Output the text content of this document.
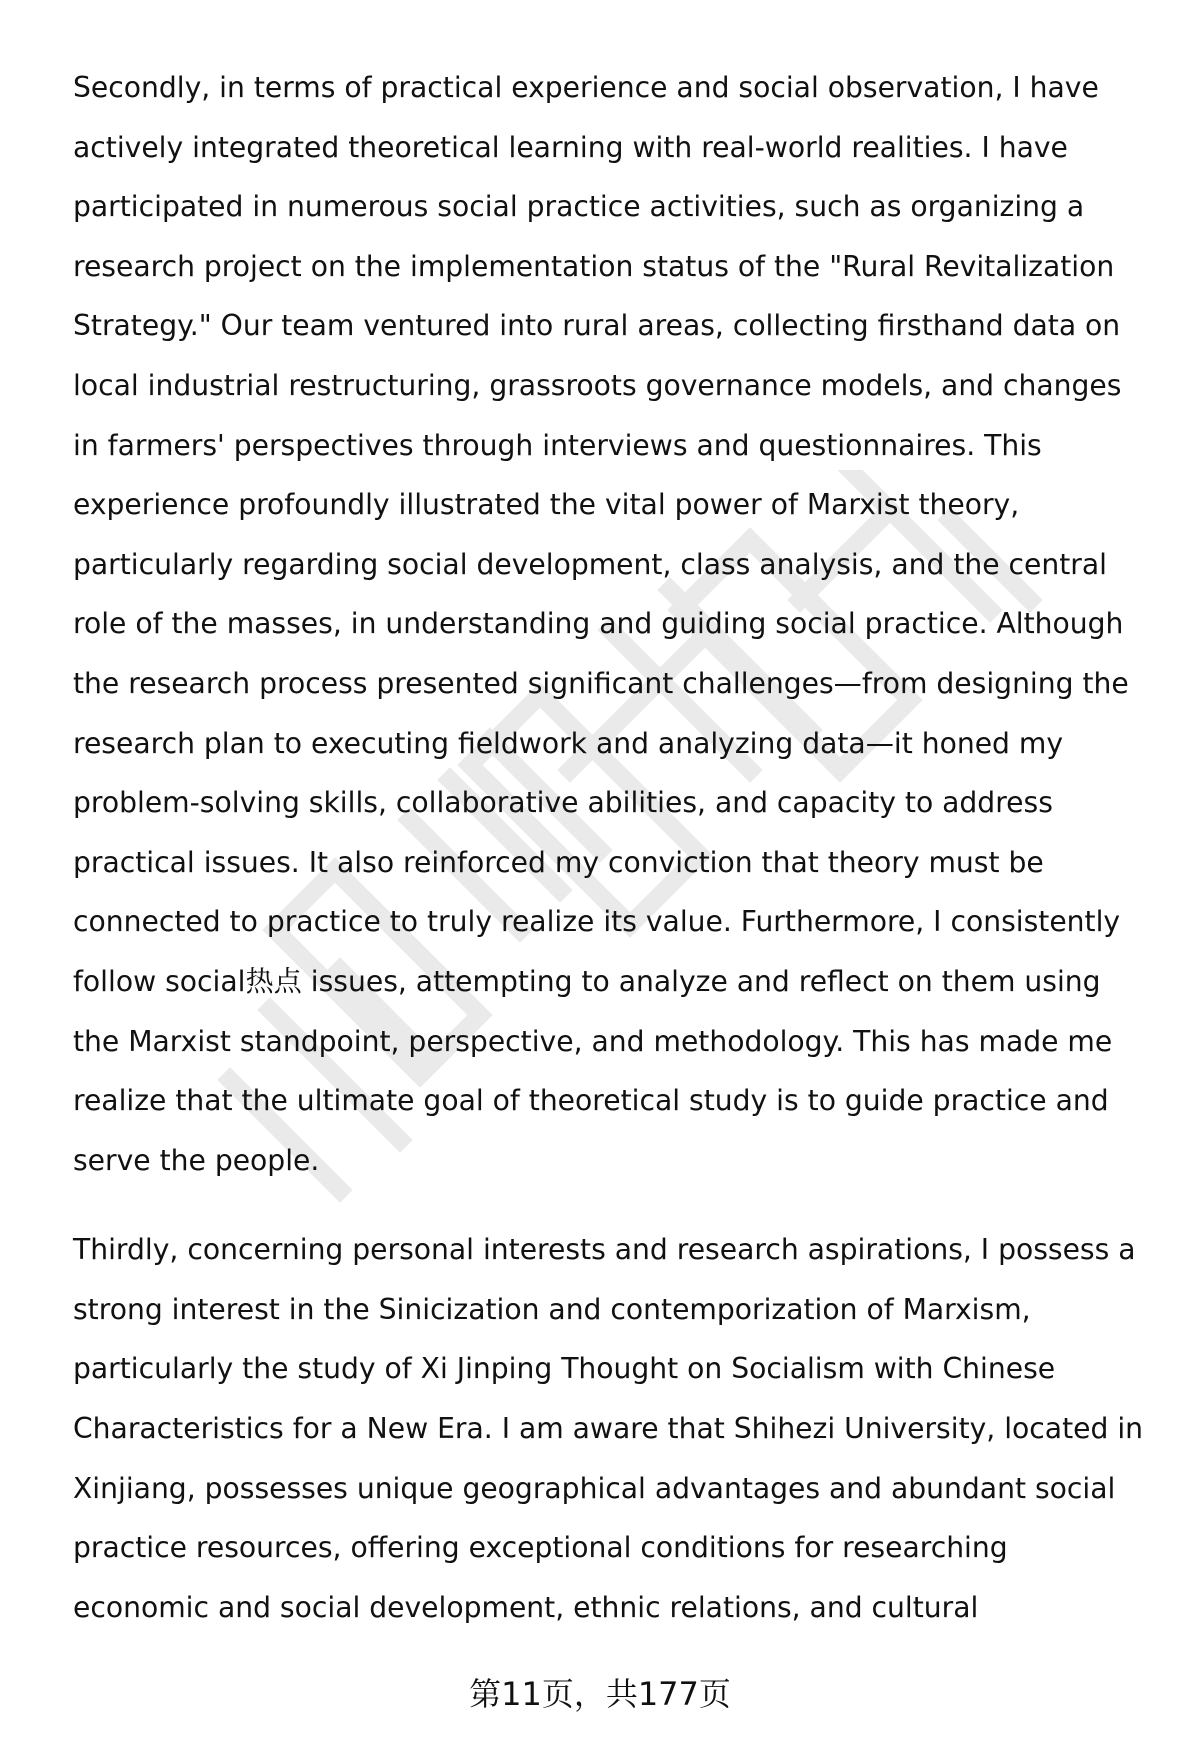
Secondly, in terms of practical experience and social observation, I have actively integrated theoretical learning with real-world realities. I have participated in numerous social practice activities, such as organizing a research project on the implementation status of the "Rural Revitalization Strategy." Our team ventured into rural areas, collecting firsthand data on local industrial restructuring, grassroots governance models, and changes in farmers' perspectives through interviews and questionnaires. This experience profoundly illustrated the vital power of Marxist theory, particularly regarding social development, class analysis, and the central role of the masses, in understanding and guiding social practice. Although the research process presented significant challenges—from designing the research plan to executing fieldwork and analyzing data—it honed my problem-solving skills, collaborative abilities, and capacity to address practical issues. It also reinforced my conviction that theory must be connected to practice to truly realize its value. Furthermore, I consistently follow social热点 issues, attempting to analyze and reflect on them using the Marxist standpoint, perspective, and methodology. This has made me realize that the ultimate goal of theoretical study is to guide practice and serve the people.

Thirdly, concerning personal interests and research aspirations, I possess a strong interest in the Sinicization and contemporization of Marxism, particularly the study of Xi Jinping Thought on Socialism with Chinese Characteristics for a New Era. I am aware that Shihezi University, located in Xinjiang, possesses unique geographical advantages and abundant social practice resources, offering exceptional conditions for researching economic and social development, ethnic relations, and cultural

第11页，共177页
